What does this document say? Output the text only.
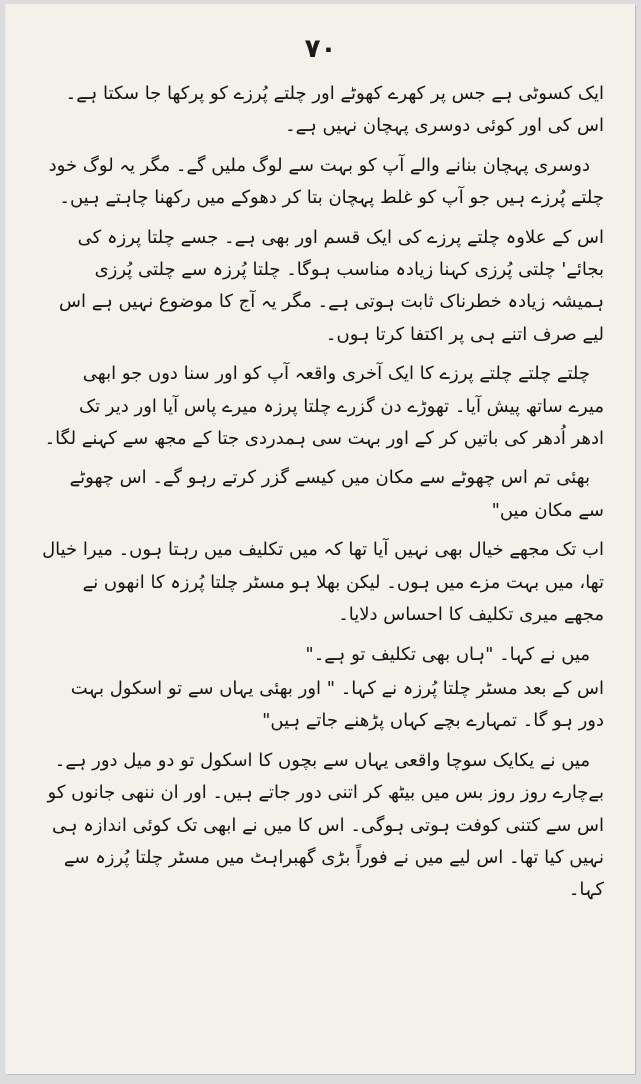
۷۰

ایک کسوٹی ہے جس پر کھرے کھوٹے اور چلتے پُرزے کو پرکھا جا سکتا ہے۔ اس کی اور کوئی دوسری پہچان نہیں ہے۔

دوسری پہچان بنانے والے آپ کو بہت سے لوگ ملیں گے۔ مگر یہ لوگ خود چلتے پُرزے ہیں جو آپ کو غلط پہچان بتا کر دھوکے میں رکھنا چاہتے ہیں۔

اس کے علاوہ چلتے پرزے کی ایک قسم اور بھی ہے۔ جسے چلتا پرزہ کی بجائے' چلتی پُرزی کہنا زیادہ مناسب ہوگا۔ چلتا پُرزہ سے چلتی پُرزی ہمیشہ زیادہ خطرناک ثابت ہوتی ہے۔ مگر یہ آج کا موضوع نہیں ہے اس لیے صرف اتنے ہی پر اکتفا کرتا ہوں۔

چلتے چلتے چلتے پرزے کا ایک آخری واقعہ آپ کو اور سنا دوں جو ابھی میرے ساتھ پیش آیا۔ تھوڑے دن گزرے چلتا پرزہ میرے پاس آیا اور دیر تک ادھر اُدھر کی باتیں کر کے اور بہت سی ہمدردی جتا کے مجھ سے کہنے لگا۔

بھئی تم اس چھوٹے سے مکان میں کیسے گزر کرتے رہو گے۔ اس چھوٹے سے مکان میں"

اب تک مجھے خیال بھی نہیں آیا تھا کہ میں تکلیف میں رہتا ہوں۔ میرا خیال تھا، میں بہت مزے میں ہوں۔ لیکن بھلا ہو مسٹر چلتا پُرزہ کا انھوں نے مجھے میری تکلیف کا احساس دلایا۔

میں نے کہا۔ "ہاں بھی تکلیف تو ہے۔"

اس کے بعد مسٹر چلتا پُرزہ نے کہا۔ " اور بھئی یہاں سے تو اسکول بہت دور ہو گا۔ تمہارے بچے کہاں پڑھنے جاتے ہیں"

میں نے یکایک سوچا واقعی یہاں سے بچوں کا اسکول تو دو میل دور ہے۔ بےچارے روز روز بس میں بیٹھ کر اتنی دور جاتے ہیں۔ اور ان ننھی جانوں کو اس سے کتنی کوفت ہوتی ہوگی۔ اس کا میں نے ابھی تک کوئی اندازہ ہی نہیں کیا تھا۔ اس لیے میں نے فوراً بڑی گھبراہٹ میں مسٹر چلتا پُرزہ سے کہا۔
